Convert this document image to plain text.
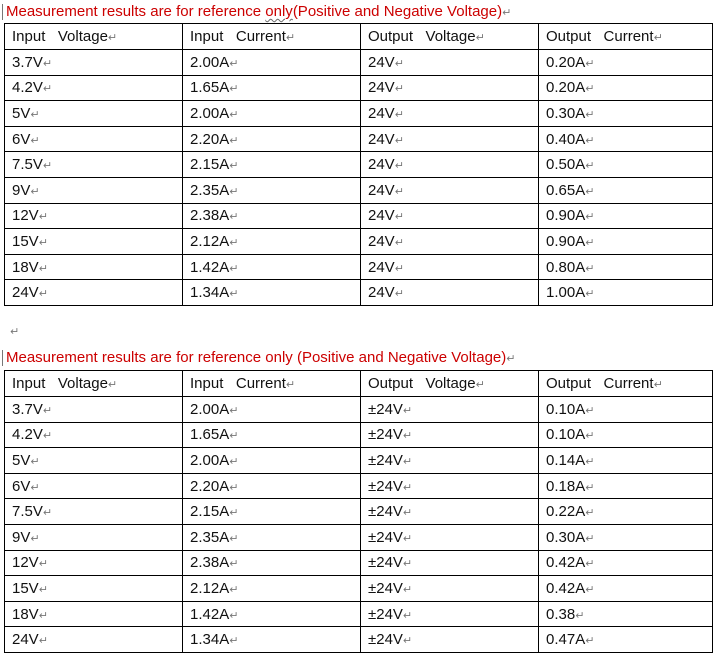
Measurement results are for reference only(Positive and Negative Voltage)↵
Input   Voltage↵	Input   Current↵	Output   Voltage↵	Output   Current↵
3.7V↵	2.00A↵	24V↵	0.20A↵
4.2V↵	1.65A↵	24V↵	0.20A↵
5V↵	2.00A↵	24V↵	0.30A↵
6V↵	2.20A↵	24V↵	0.40A↵
7.5V↵	2.15A↵	24V↵	0.50A↵
9V↵	2.35A↵	24V↵	0.65A↵
12V↵	2.38A↵	24V↵	0.90A↵
15V↵	2.12A↵	24V↵	0.90A↵
18V↵	1.42A↵	24V↵	0.80A↵
24V↵	1.34A↵	24V↵	1.00A↵
↵
Measurement results are for reference only (Positive and Negative Voltage)↵
Input   Voltage↵	Input   Current↵	Output   Voltage↵	Output   Current↵
3.7V↵	2.00A↵	±24V↵	0.10A↵
4.2V↵	1.65A↵	±24V↵	0.10A↵
5V↵	2.00A↵	±24V↵	0.14A↵
6V↵	2.20A↵	±24V↵	0.18A↵
7.5V↵	2.15A↵	±24V↵	0.22A↵
9V↵	2.35A↵	±24V↵	0.30A↵
12V↵	2.38A↵	±24V↵	0.42A↵
15V↵	2.12A↵	±24V↵	0.42A↵
18V↵	1.42A↵	±24V↵	0.38↵
24V↵	1.34A↵	±24V↵	0.47A↵
